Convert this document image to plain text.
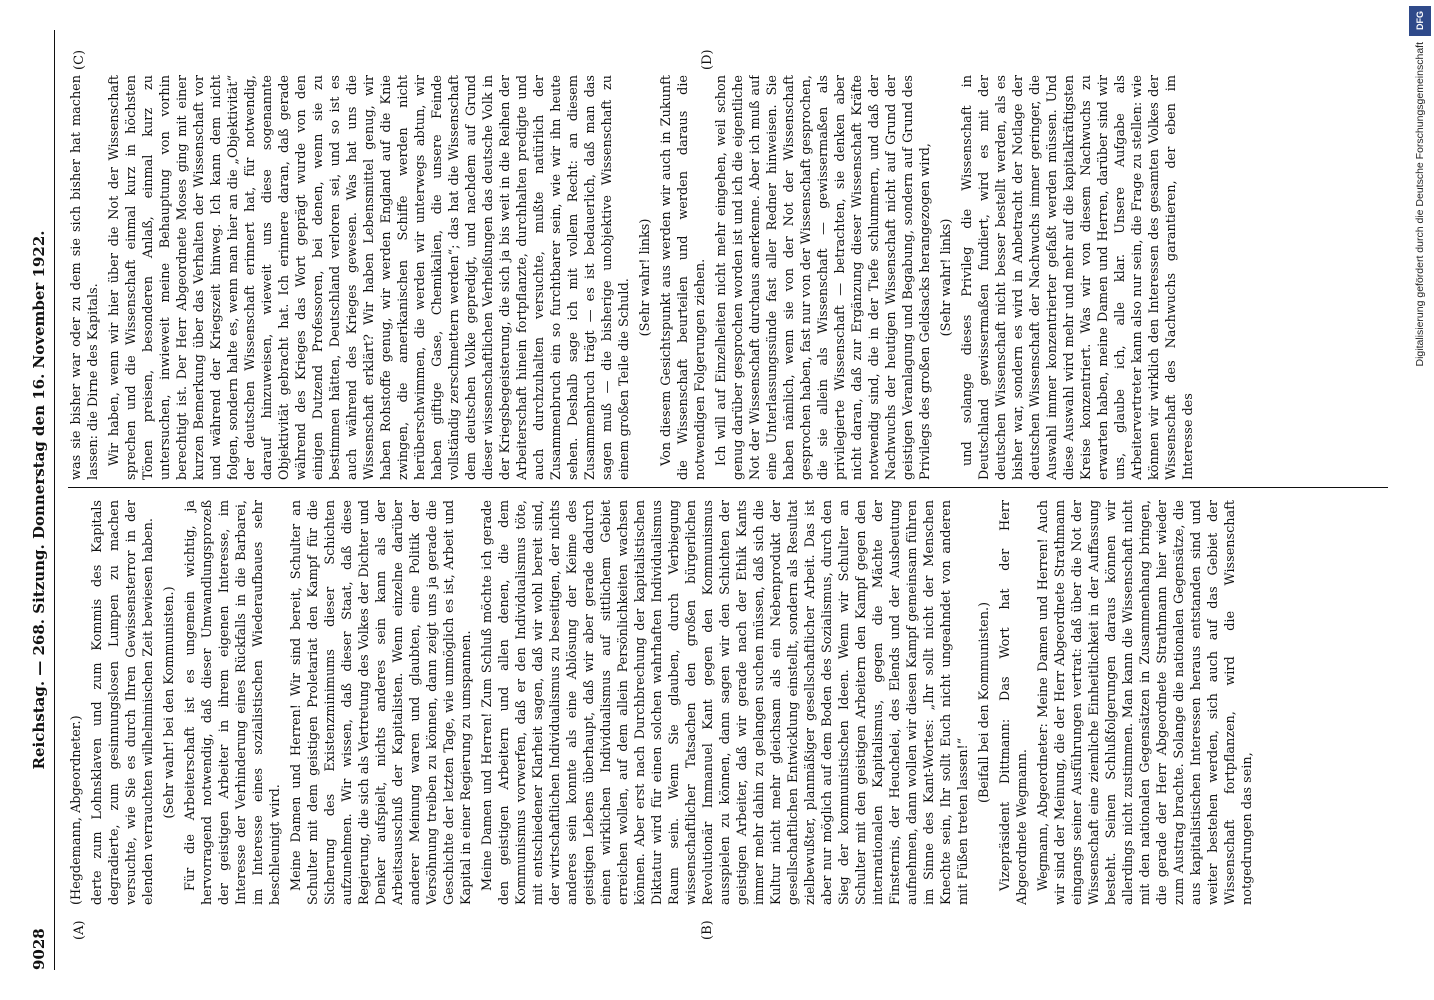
9028
Reichstag. — 268. Sitzung. Donnerstag den 16. November 1922.
(A)	(B)
(C)	(D)

(Hegdemann, Abgeordneter.) derte zum Lohnsklaven und zum Kommis des Kapitals degradierte, zum gesinnungslosen Lumpen zu machen versuchte, wie Sie es durch Ihren Gewissensterror in der elenden verrauchten wilhelminischen Zeit bewiesen haben. (Sehr wahr! bei den Kommunisten.) Für die Arbeiterschaft ist es ungemein wichtig, ja hervorragend notwendig, daß dieser Umwandlungsprozeß der geistigen Arbeiter in ihrem eigenen Interesse, im Interesse der Verhinderung eines Rückfalls in die Barbarei, im Interesse eines sozialistischen Wiederaufbaues sehr beschleunigt wird. Meine Damen und Herren! Wir sind bereit, Schulter an Schulter mit dem geistigen Proletariat den Kampf für die Sicherung des Existenzminimums dieser Schichten aufzunehmen. Wir wissen, daß dieser Staat, daß diese Regierung, die sich als Vertretung des Volkes der Dichter und Denker aufspielt, nichts anderes sein kann als der Arbeitsausschuß der Kapitalisten. Wenn einzelne darüber anderer Meinung waren und glaubten, eine Politik der Versöhnung treiben zu können, dann zeigt uns ja gerade die Geschichte der letzten Tage, wie unmöglich es ist, Arbeit und Kapital in einer Regierung zu umspannen. Meine Damen und Herren! Zum Schluß möchte ich gerade den geistigen Arbeitern und allen denen, die dem Kommunismus vorwerfen, daß er den Individualismus töte, mit entschiedener Klarheit sagen, daß wir wohl bereit sind, der wirtschaftlichen Individualismus zu beseitigen, der nichts anderes sein konnte als eine Ablösung der Keime des geistigen Lebens überhaupt, daß wir aber gerade dadurch einen wirklichen Individualismus auf sittlichem Gebiet erreichen wollen, auf dem allein Persönlichkeiten wachsen können. Aber erst nach Durchbrechung der kapitalistischen Diktatur wird für einen solchen wahrhaften Individualismus Raum sein. Wenn Sie glauben, durch Verbiegung wissenschaftlicher Tatsachen den großen bürgerlichen Revolutionär Immanuel Kant gegen den Kommunismus ausspielen zu können, dann sagen wir den Schichten der geistigen Arbeiter, daß wir gerade nach der Ethik Kants immer mehr dahin zu gelangen suchen müssen, daß sich die Kultur nicht mehr gleichsam als ein Nebenprodukt der gesellschaftlichen Entwicklung einstellt, sondern als Resultat zielbewußter, planmäßiger gesellschaftlicher Arbeit. Das ist aber nur möglich auf dem Boden des Sozialismus, durch den Sieg der kommunistischen Ideen. Wenn wir Schulter an Schulter mit den geistigen Arbeitern den Kampf gegen den internationalen Kapitalismus, gegen die Mächte der Finsternis, der Heuchelei, des Elends und der Ausbeutung aufnehmen, dann wollen wir diesen Kampf gemeinsam führen im Sinne des Kant-Wortes: „Ihr sollt nicht der Menschen Knechte sein, Ihr sollt Euch nicht ungeahndet von anderen mit Füßen treten lassen!“

(Beifall bei den Kommunisten.) Vizepräsident Dittmann: Das Wort hat der Herr Abgeordnete Wegmann. Wegmann, Abgeordneter: Meine Damen und Herren! Auch wir sind der Meinung, die der Herr Abgeordnete Strathmann eingangs seiner Ausführungen vertrat: daß über die Not der Wissenschaft eine ziemliche Einheitlichkeit in der Auffassung besteht. Seinen Schlußfolgerungen daraus können wir allerdings nicht zustimmen. Man kann die Wissenschaft nicht mit den nationalen Gegensätzen in Zusammenhang bringen, die gerade der Herr Abgeordnete Strathmann hier wieder zum Austrag brachte. Solange die nationalen Gegensätze, die aus kapitalistischen Interessen heraus entstanden sind und weiter bestehen werden, sich auch auf das Gebiet der Wissenschaft fortpflanzen, wird die Wissenschaft notgedrungen das sein,

was sie bisher war oder zu dem sie sich bisher hat machen lassen: die Dirne des Kapitals. Wir haben, wenn wir hier über die Not der Wissenschaft sprechen und die Wissenschaft einmal kurz in höchsten Tönen preisen, besonderen Anlaß, einmal kurz zu untersuchen, inwieweit meine Behauptung von vorhin berechtigt ist. Der Herr Abgeordnete Moses ging mit einer kurzen Bemerkung über das Verhalten der Wissenschaft vor und während der Kriegszeit hinweg. Ich kann dem nicht folgen, sondern halte es, wenn man hier an die „Objektivität“ der deutschen Wissenschaft erinnert hat, für notwendig, darauf hinzuweisen, wieweit uns diese sogenannte Objektivität gebracht hat. Ich erinnere daran, daß gerade während des Krieges das Wort geprägt wurde von den einigen Dutzend Professoren, bei denen, wenn sie zu bestimmen hätten, Deutschland verloren sei, und so ist es auch während des Krieges gewesen. Was hat uns die Wissenschaft erklärt? Wir haben Lebensmittel genug, wir haben Rohstoffe genug, wir werden England auf die Knie zwingen, die amerikanischen Schiffe werden nicht herüberschwimmen, die werden wir unterwegs abtun, wir haben giftige Gase, Chemikalien, die unsere Feinde vollständig zerschmettern werden“; das hat die Wissenschaft dem deutschen Volke gepredigt, und nachdem auf Grund dieser wissenschaftlichen Verheißungen das deutsche Volk in der Kriegsbegeisterung, die sich ja bis weit in die Reihen der Arbeiterschaft hinein fortpflanzte, durchhalten predigte und auch durchzuhalten versuchte, mußte natürlich der Zusammenbruch ein so furchtbarer sein, wie wir ihn heute sehen. Deshalb sage ich mit vollem Recht: an diesem Zusammenbruch trägt — es ist bedauerlich, daß man das sagen muß — die bisherige unobjektive Wissenschaft zu einem großen Teile die Schuld.

(Sehr wahr! links) Von diesem Gesichtspunkt aus werden wir auch in Zukunft die Wissenschaft beurteilen und werden daraus die notwendigen Folgerungen ziehen. Ich will auf Einzelheiten nicht mehr eingehen, weil schon genug darüber gesprochen worden ist und ich die eigentliche Not der Wissenschaft durchaus anerkenne. Aber ich muß auf eine Unterlassungssünde fast aller Redner hinweisen. Sie haben nämlich, wenn sie von der Not der Wissenschaft gesprochen haben, fast nur von der Wissenschaft gesprochen, die sie allein als Wissenschaft — gewissermaßen als privilegierte Wissenschaft — betrachten, sie denken aber nicht daran, daß zur Ergänzung dieser Wissenschaft Kräfte notwendig sind, die in der Tiefe schlummern, und daß der Nachwuchs der heutigen Wissenschaft nicht auf Grund der geistigen Veranlagung und Begabung, sondern auf Grund des Privilegs des großen Geldsacks herangezogen wird, (Sehr wahr! links) und solange dieses Privileg die Wissenschaft in Deutschland gewissermaßen fundiert, wird es mit der deutschen Wissenschaft nicht besser bestellt werden, als es bisher war, sondern es wird in Anbetracht der Notlage der deutschen Wissenschaft der Nachwuchs immer geringer, die Auswahl immer konzentrierter gefaßt werden müssen. Und diese Auswahl wird mehr und mehr auf die kapitalkräftigsten Kreise konzentriert. Was wir von diesem Nachwuchs zu erwarten haben, meine Damen und Herren, darüber sind wir uns, glaube ich, alle klar. Unsere Aufgabe als Arbeitervertreter kann also nur sein, die Frage zu stellen: wie können wir wirklich den Interessen des gesamten Volkes der Wissenschaft des Nachwuchs garantieren, der eben im Interesse des

DFG
Digitalisierung gefördert durch die Deutsche Forschungsgemeinschaft
